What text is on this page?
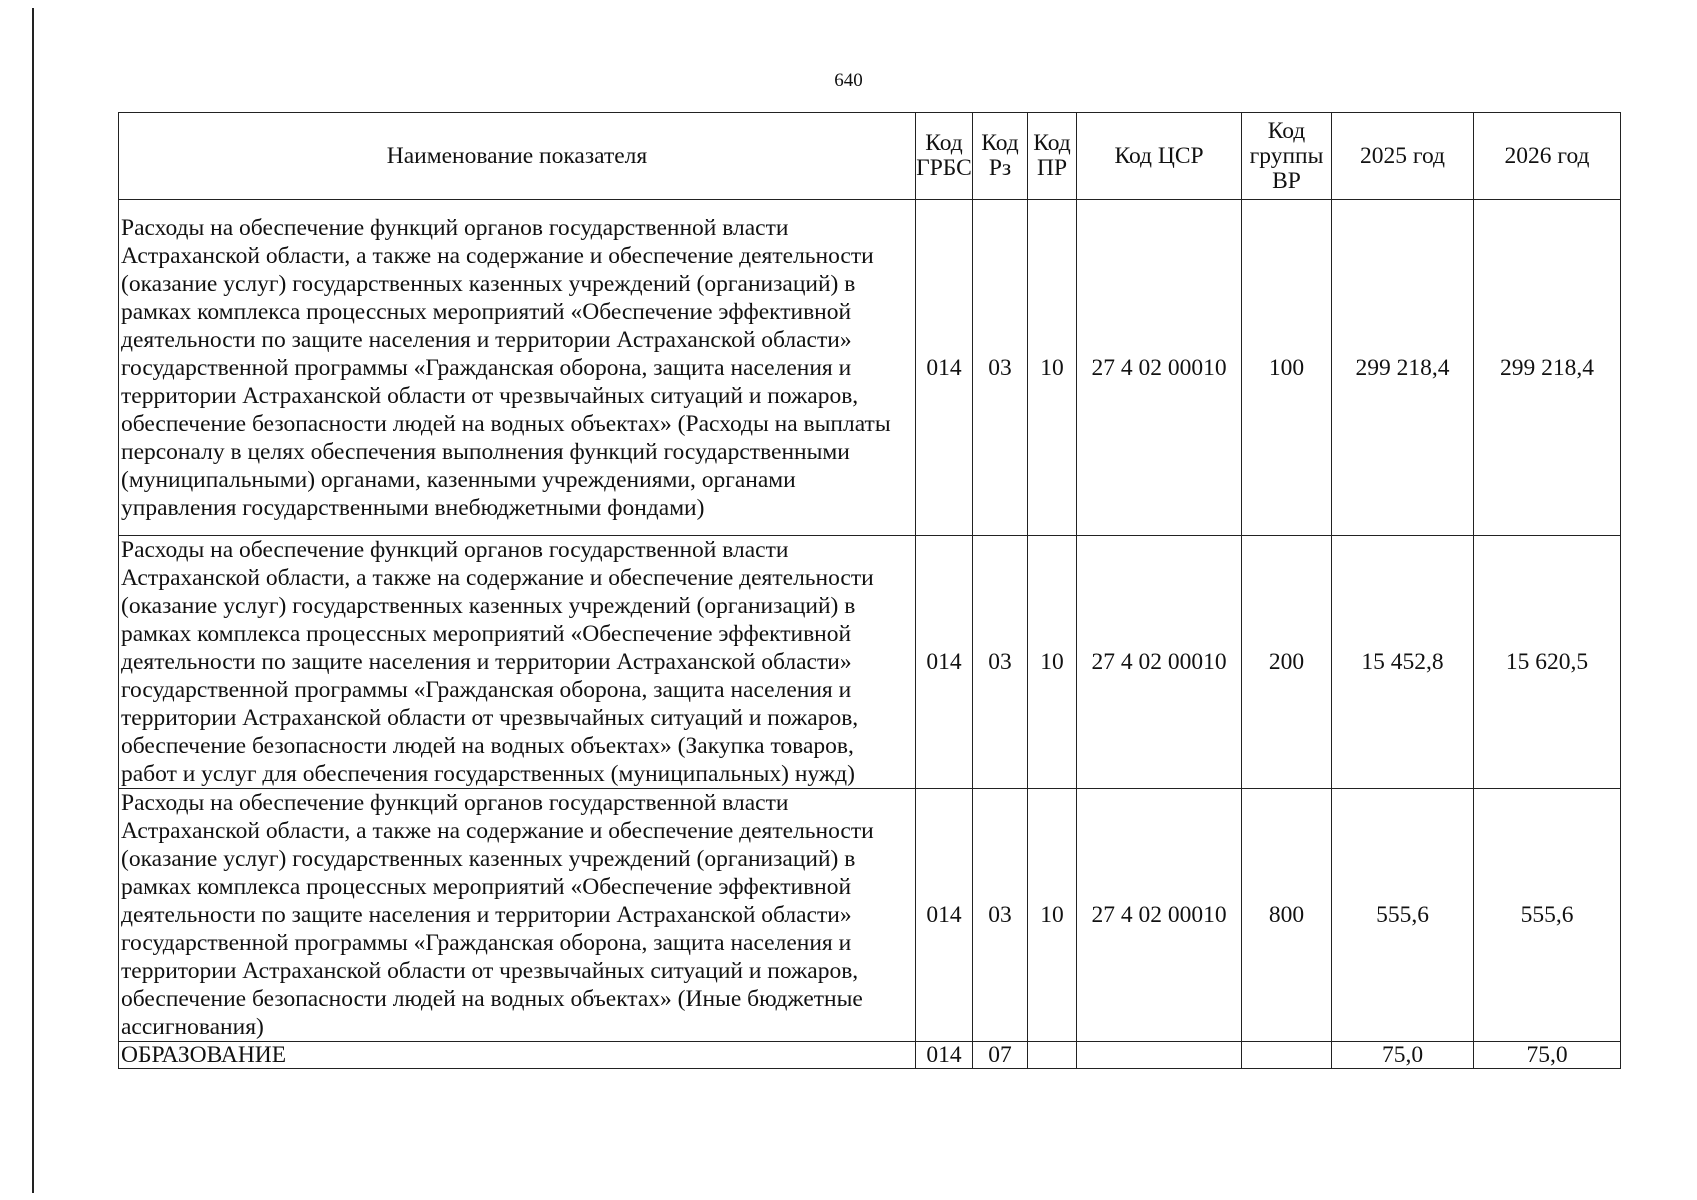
640
Наименование показателя	Код ГРБС	Код Рз	Код ПР	Код ЦСР	Код группы ВР	2025 год	2026 год
Расходы на обеспечение функций органов государственной власти Астраханской области, а также на содержание и обеспечение деятельности (оказание услуг) государственных казенных учреждений (организаций) в рамках комплекса процессных мероприятий «Обеспечение эффективной деятельности по защите населения и территории Астраханской области» государственной программы «Гражданская оборона, защита населения и территории Астраханской области от чрезвычайных ситуаций и пожаров, обеспечение безопасности людей на водных объектах» (Расходы на выплаты персоналу в целях обеспечения выполнения функций государственными (муниципальными) органами, казенными учреждениями, органами управления государственными внебюджетными фондами)	014	03	10	27 4 02 00010	100	299 218,4	299 218,4
Расходы на обеспечение функций органов государственной власти Астраханской области, а также на содержание и обеспечение деятельности (оказание услуг) государственных казенных учреждений (организаций) в рамках комплекса процессных мероприятий «Обеспечение эффективной деятельности по защите населения и территории Астраханской области» государственной программы «Гражданская оборона, защита населения и территории Астраханской области от чрезвычайных ситуаций и пожаров, обеспечение безопасности людей на водных объектах» (Закупка товаров, работ и услуг для обеспечения государственных (муниципальных) нужд)	014	03	10	27 4 02 00010	200	15 452,8	15 620,5
Расходы на обеспечение функций органов государственной власти Астраханской области, а также на содержание и обеспечение деятельности (оказание услуг) государственных казенных учреждений (организаций) в рамках комплекса процессных мероприятий «Обеспечение эффективной деятельности по защите населения и территории Астраханской области» государственной программы «Гражданская оборона, защита населения и территории Астраханской области от чрезвычайных ситуаций и пожаров, обеспечение безопасности людей на водных объектах» (Иные бюджетные ассигнования)	014	03	10	27 4 02 00010	800	555,6	555,6
ОБРАЗОВАНИЕ	014	07				75,0	75,0
